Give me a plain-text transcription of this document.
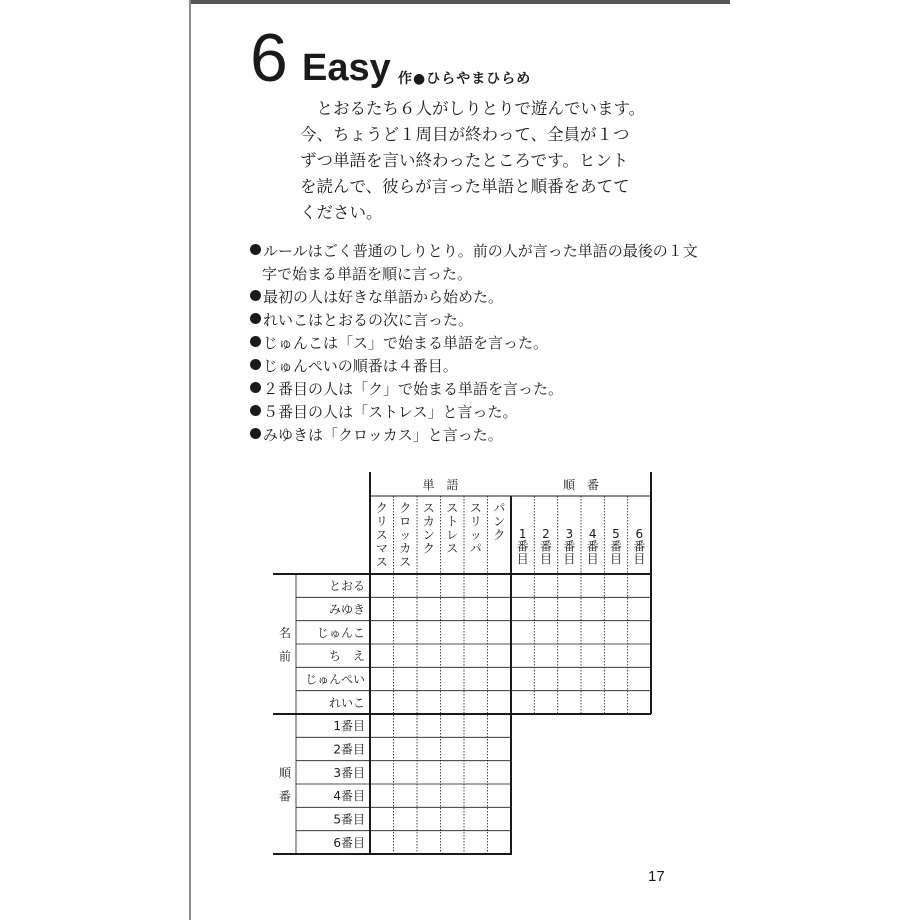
6 Easy 作●ひらやまひらめ

　とおるたち６人がしりとりで遊んでいます。
今、ちょうど１周目が終わって、全員が１つ
ずつ単語を言い終わったところです。ヒント
を読んで、彼らが言った単語と順番をあてて
ください。

ルールはごく普通のしりとり。前の人が言った単語の最後の１文
字で始まる単語を順に言った。
最初の人は好きな単語から始めた。
れいこはとおるの次に言った。
じゅんこは「ス」で始まる単語を言った。
じゅんぺいの順番は４番目。
２番目の人は「ク」で始まる単語を言った。
５番目の人は「ストレス」と言った。
みゆきは「クロッカス」と言った。
単　語	順　番
ク
リ
ス
マ
ス
ク
ロ
ッ
カ
ス
ス
カ
ン
ク
ス
ト
レ
ス
ス
リ
ッ
パ
パ
ン
ク 1
番
目
2
番
目
3
番
目
4
番
目
5
番
目
6
番
目
名
前
とおる
みゆき
じゅんこ
ち　え
じゅんぺい
れいこ
順
番
1番目
2番目
3番目
4番目
5番目
6番目
17
